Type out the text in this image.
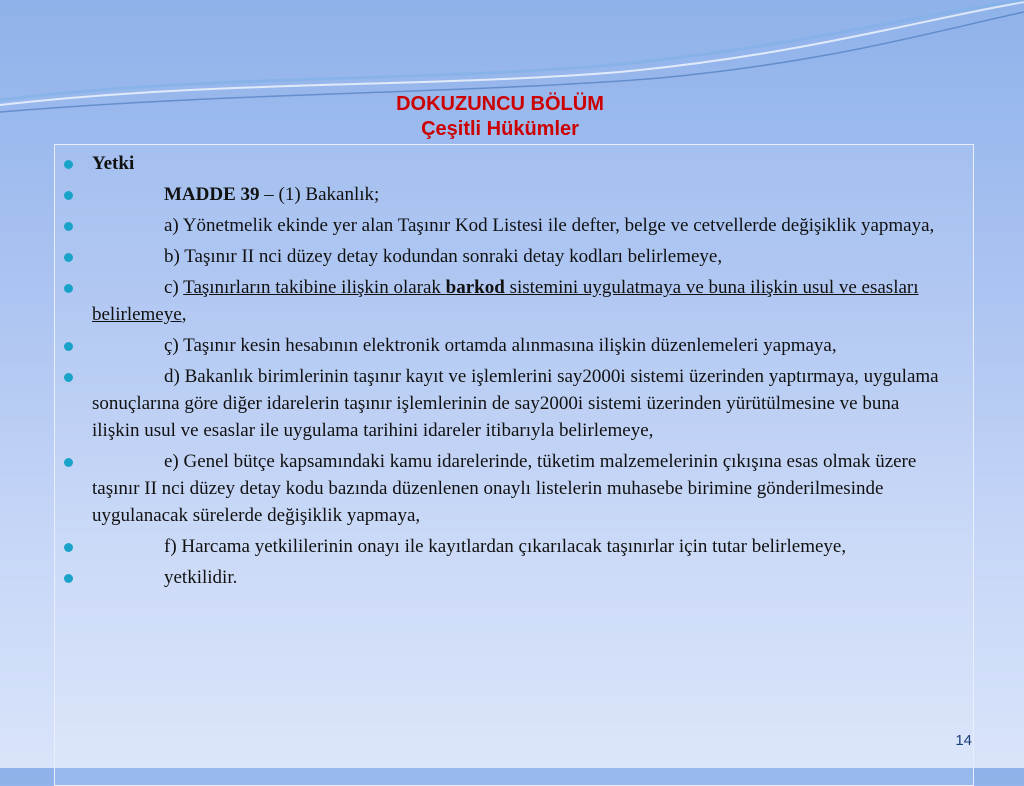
DOKUZUNCU BÖLÜM
Çeşitli Hükümler
Yetki
MADDE 39 – (1) Bakanlık;
a) Yönetmelik ekinde yer alan Taşınır Kod Listesi ile defter, belge ve cetvellerde değişiklik yapmaya,
b) Taşınır II nci düzey detay kodundan sonraki detay kodları belirlemeye,
c) Taşınırların takibine ilişkin olarak barkod sistemini uygulatmaya ve buna ilişkin usul ve esasları belirlemeye,
ç) Taşınır kesin hesabının elektronik ortamda alınmasına ilişkin düzenlemeleri yapmaya,
d) Bakanlık birimlerinin taşınır kayıt ve işlemlerini say2000i sistemi üzerinden yaptırmaya, uygulama sonuçlarına göre diğer idarelerin taşınır işlemlerinin de say2000i sistemi üzerinden yürütülmesine ve buna ilişkin usul ve esaslar ile uygulama tarihini idareler itibarıyla belirlemeye,
e) Genel bütçe kapsamındaki kamu idarelerinde, tüketim malzemelerinin çıkışına esas olmak üzere taşınır II nci düzey detay kodu bazında düzenlenen onaylı listelerin muhasebe birimine gönderilmesinde uygulanacak sürelerde değişiklik yapmaya,
f) Harcama yetkililerinin onayı ile kayıtlardan çıkarılacak taşınırlar için tutar belirlemeye,
yetkilidir.
14
